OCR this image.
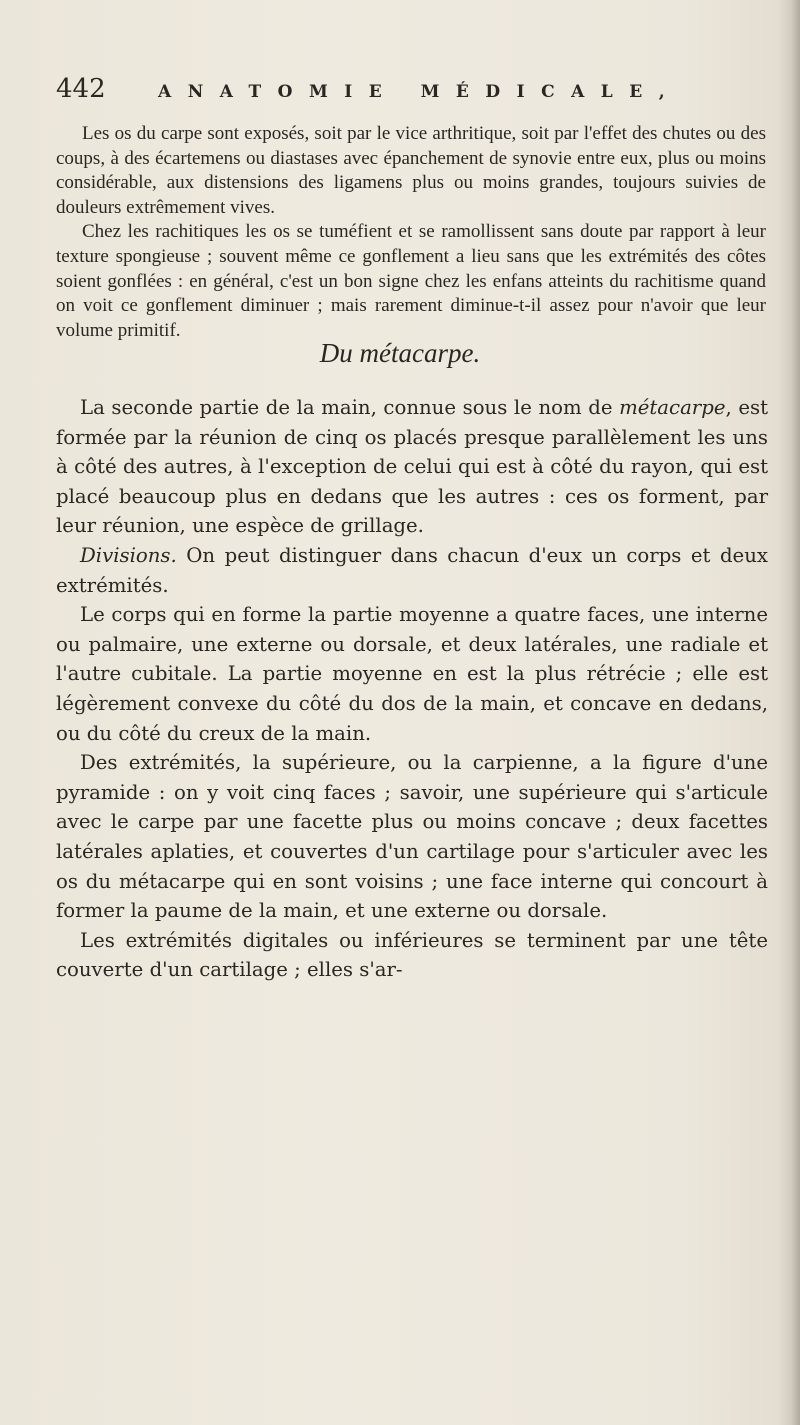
442	ANATOMIE MÉDICALE,

Les os du carpe sont exposés, soit par le vice arthritique, soit par l'effet des chutes ou des coups, à des écartemens ou diastases avec épanchement de synovie entre eux, plus ou moins considérable, aux distensions des ligamens plus ou moins grandes, toujours suivies de douleurs extrêmement vives.

Chez les rachitiques les os se tuméfient et se ramollissent sans doute par rapport à leur texture spongieuse ; souvent même ce gonflement a lieu sans que les extrémités des côtes soient gonflées : en général, c'est un bon signe chez les enfans atteints du rachitisme quand on voit ce gonflement diminuer ; mais rarement diminue-t-il assez pour n'avoir que leur volume primitif.

Du métacarpe.

La seconde partie de la main, connue sous le nom de métacarpe, est formée par la réunion de cinq os placés presque parallèlement les uns à côté des autres, à l'exception de celui qui est à côté du rayon, qui est placé beaucoup plus en dedans que les autres : ces os forment, par leur réunion, une espèce de grillage.

Divisions. On peut distinguer dans chacun d'eux un corps et deux extrémités.

Le corps qui en forme la partie moyenne a quatre faces, une interne ou palmaire, une externe ou dorsale, et deux latérales, une radiale et l'autre cubitale. La partie moyenne en est la plus rétrécie ; elle est légèrement convexe du côté du dos de la main, et concave en dedans, ou du côté du creux de la main.

Des extrémités, la supérieure, ou la carpienne, a la figure d'une pyramide : on y voit cinq faces ; savoir, une supérieure qui s'articule avec le carpe par une facette plus ou moins concave ; deux facettes latérales aplaties, et couvertes d'un cartilage pour s'articuler avec les os du métacarpe qui en sont voisins ; une face interne qui concourt à former la paume de la main, et une externe ou dorsale.

Les extrémités digitales ou inférieures se terminent par une tête couverte d'un cartilage ; elles s'ar-
